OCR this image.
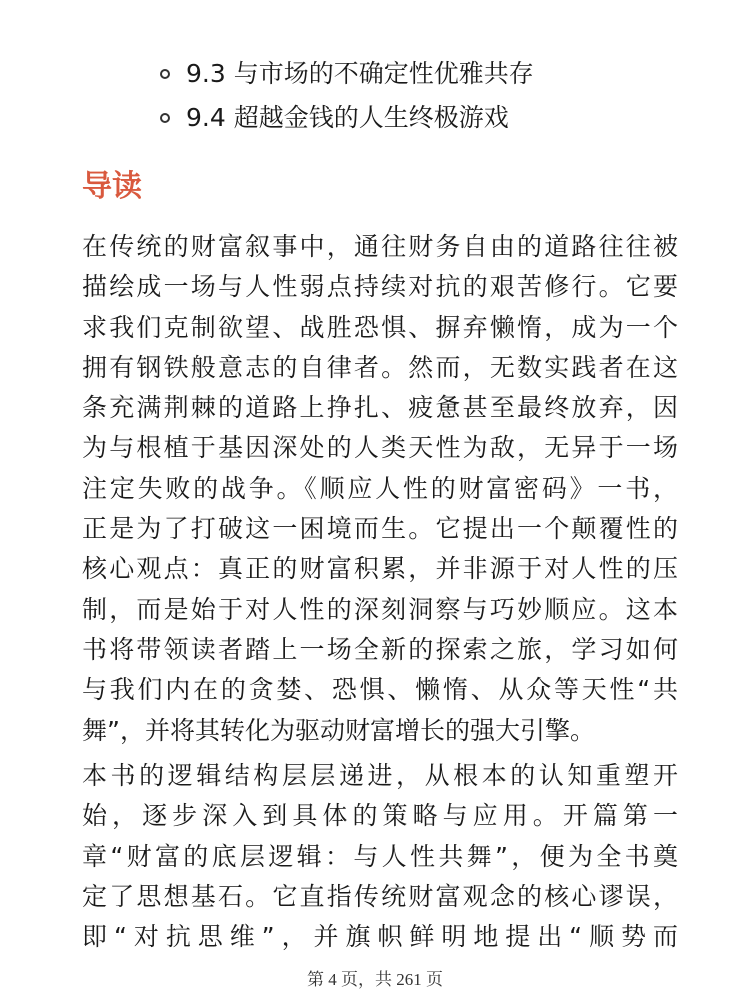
9.3 与市场的不确定性优雅共存
9.4 超越金钱的人生终极游戏
导读

在传统的财富叙事中，通往财务自由的道路往往被
描绘成一场与人性弱点持续对抗的艰苦修行。它要
求我们克制欲望、战胜恐惧、摒弃懒惰，成为一个
拥有钢铁般意志的自律者。然而，无数实践者在这
条充满荆棘的道路上挣扎、疲惫甚至最终放弃，因
为与根植于基因深处的人类天性为敌，无异于一场
注定失败的战争。《顺应人性的财富密码》一书，
正是为了打破这一困境而生。它提出一个颠覆性的
核心观点：真正的财富积累，并非源于对人性的压
制，而是始于对人性的深刻洞察与巧妙顺应。这本
书将带领读者踏上一场全新的探索之旅，学习如何
与我们内在的贪婪、恐惧、懒惰、从众等天性“共
舞”，并将其转化为驱动财富增长的强大引擎。

本书的逻辑结构层层递进，从根本的认知重塑开
始，逐步深入到具体的策略与应用。开篇第一
章“财富的底层逻辑：与人性共舞”，便为全书奠
定了思想基石。它直指传统财富观念的核心谬误，
即“对抗思维”，并旗帜鲜明地提出“顺势而

第 4 页，共 261 页
